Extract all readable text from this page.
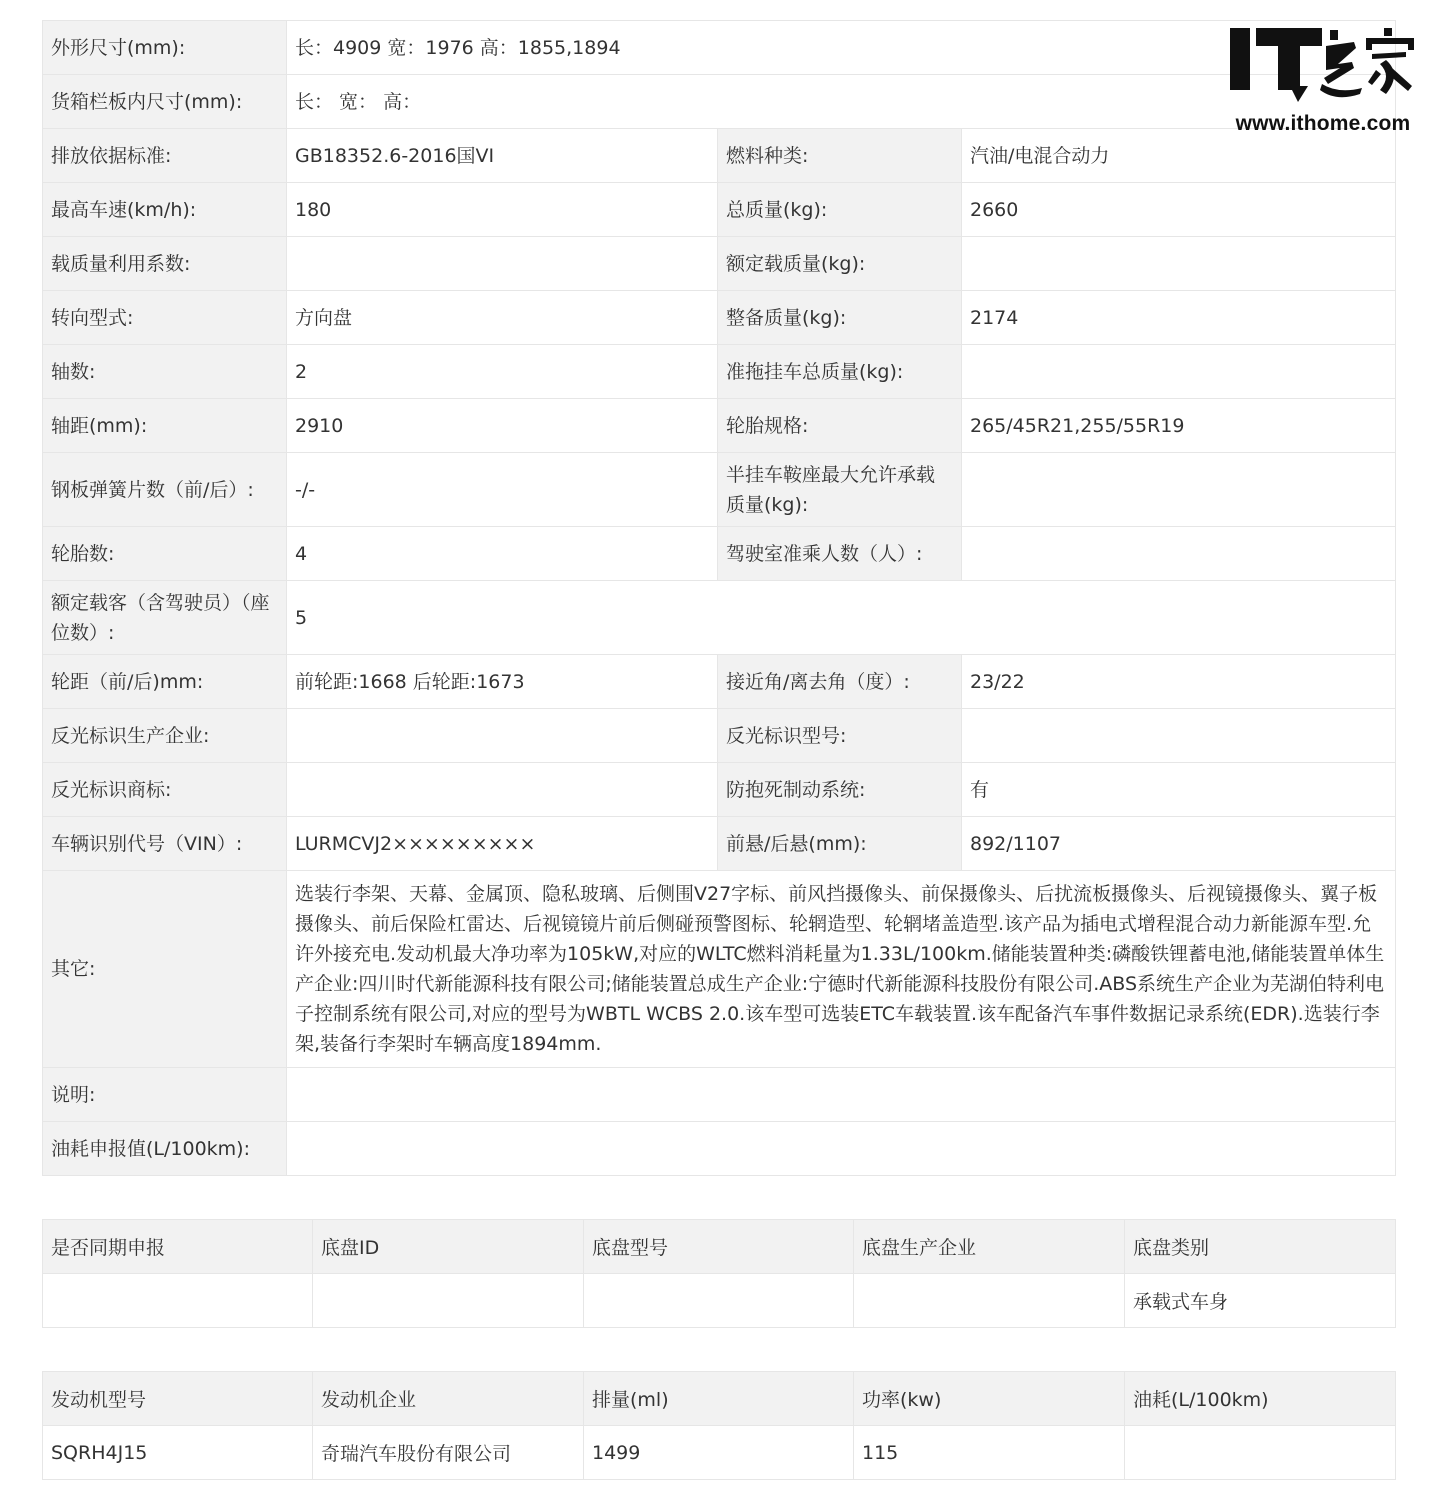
外形尺寸(mm):	长：4909 宽：1976 高：1855,1894		
货箱栏板内尺寸(mm):	长： 宽： 高：		
排放依据标准:	GB18352.6-2016国VI	燃料种类:	汽油/电混合动力
最高车速(km/h):	180	总质量(kg):	2660
载质量利用系数:		额定载质量(kg):	
转向型式:	方向盘	整备质量(kg):	2174
轴数:	2	准拖挂车总质量(kg):	
轴距(mm):	2910	轮胎规格:	265/45R21,255/55R19
钢板弹簧片数（前/后）:	-/-	半挂车鞍座最大允许承载质量(kg):	
轮胎数:	4	驾驶室准乘人数（人）:	
额定载客（含驾驶员）（座位数）:	5		
轮距（前/后)mm:	前轮距:1668 后轮距:1673	接近角/离去角（度）:	23/22
反光标识生产企业:		反光标识型号:	
反光标识商标:		防抱死制动系统:	有
车辆识别代号（VIN）:	LURMCVJ2×××××××××	前悬/后悬(mm):	892/1107
其它:	选装行李架、天幕、金属顶、隐私玻璃、后侧围V27字标、前风挡摄像头、前保摄像头、后扰流板摄像头、后视镜摄像头、翼子板摄像头、前后保险杠雷达、后视镜镜片前后侧碰预警图标、轮辋造型、轮辋堵盖造型.该产品为插电式增程混合动力新能源车型.允许外接充电.发动机最大净功率为105kW,对应的WLTC燃料消耗量为1.33L/100km.储能装置种类:磷酸铁锂蓄电池,储能装置单体生产企业:四川时代新能源科技有限公司;储能装置总成生产企业:宁德时代新能源科技股份有限公司.ABS系统生产企业为芜湖伯特利电子控制系统有限公司,对应的型号为WBTL WCBS 2.0.该车型可选装ETC车载装置.该车配备汽车事件数据记录系统(EDR).选装行李架,装备行李架时车辆高度1894mm.		
说明:			
油耗申报值(L/100km):			
是否同期申报	底盘ID	底盘型号	底盘生产企业	底盘类别
				承载式车身
发动机型号	发动机企业	排量(ml)	功率(kw)	油耗(L/100km)
SQRH4J15	奇瑞汽车股份有限公司	1499	115	
www.ithome.com
